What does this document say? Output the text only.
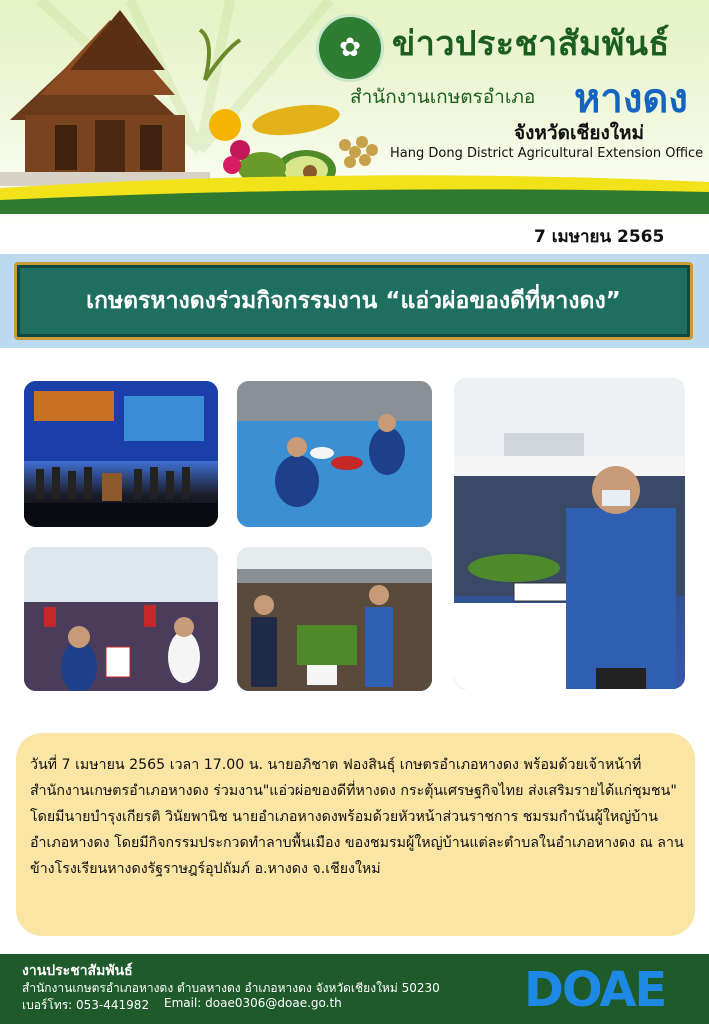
✿ ข่าวประชาสัมพันธ์
สำนักงานเกษตรอำเภอ หางดง
จังหวัดเชียงใหม่
Hang Dong District Agricultural Extension Office
7 เมษายน 2565
เกษตรหางดงร่วมกิจกรรมงาน “แอ่วผ่อของดีที่หางดง”
วันที่ 7 เมษายน 2565 เวลา 17.00 น. นายอภิชาต ฟองสินธุ์ เกษตรอำเภอหางดง พร้อมด้วยเจ้าหน้าที่สำนักงานเกษตรอำเภอหางดง ร่วมงาน"แอ่วผ่อของดีที่หางดง กระตุ้นเศรษฐกิจไทย ส่งเสริมรายได้แก่ชุมชน" โดยมีนายบำรุงเกียรติ วินัยพานิช นายอำเภอหางดงพร้อมด้วยหัวหน้าส่วนราชการ ชมรมกำนันผู้ใหญ่บ้านอำเภอหางดง โดยมีกิจกรรมประกวดทำลาบพื้นเมือง ของชมรมผู้ใหญ่บ้านแต่ละตำบลในอำเภอหางดง ณ ลานข้างโรงเรียนหางดงรัฐราษฎร์อุปถัมภ์ อ.หางดง จ.เชียงใหม่
งานประชาสัมพันธ์
สำนักงานเกษตรอำเภอหางดง ตำบลหางดง อำเภอหางดง จังหวัดเชียงใหม่ 50230
เบอร์โทร: 053-441982 Email: doae0306@doae.go.th	DOAE
